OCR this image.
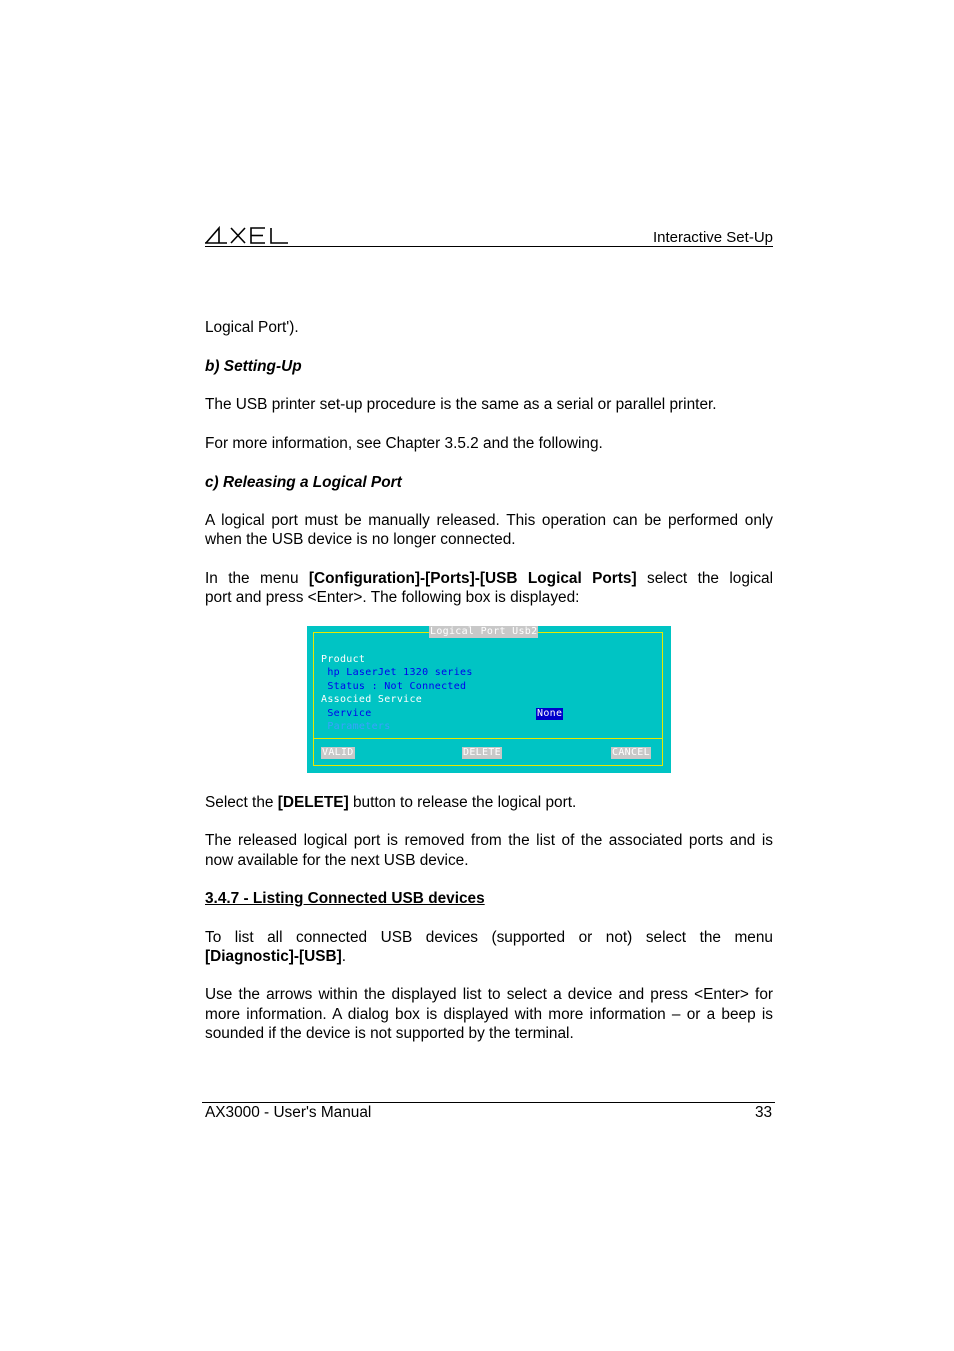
Interactive Set-Up
Logical Port').
b) Setting-Up
The USB printer set-up procedure is the same as a serial or parallel printer.
For more information, see Chapter 3.5.2 and the following.
c) Releasing a Logical Port
A logical port must be manually released. This operation can be performed only
when the USB device is no longer connected.
In the menu [Configuration]-[Ports]-[USB Logical Ports] select the logical
port and press <Enter>. The following box is displayed:
Logical Port Usb2
Product
hp LaserJet 1320 series
Status : Not Connected
Associed Service
Service	None
Parameters
VALID	DELETE	CANCEL
Select the [DELETE] button to release the logical port.
The released logical port is removed from the list of the associated ports and is
now available for the next USB device.
3.4.7 - Listing Connected USB devices
To list all connected USB devices (supported or not) select the menu
[Diagnostic]-[USB].
Use the arrows within the displayed list to select a device and press <Enter> for
more information. A dialog box is displayed with more information – or a beep is
sounded if the device is not supported by the terminal.
AX3000 - User's Manual	33
